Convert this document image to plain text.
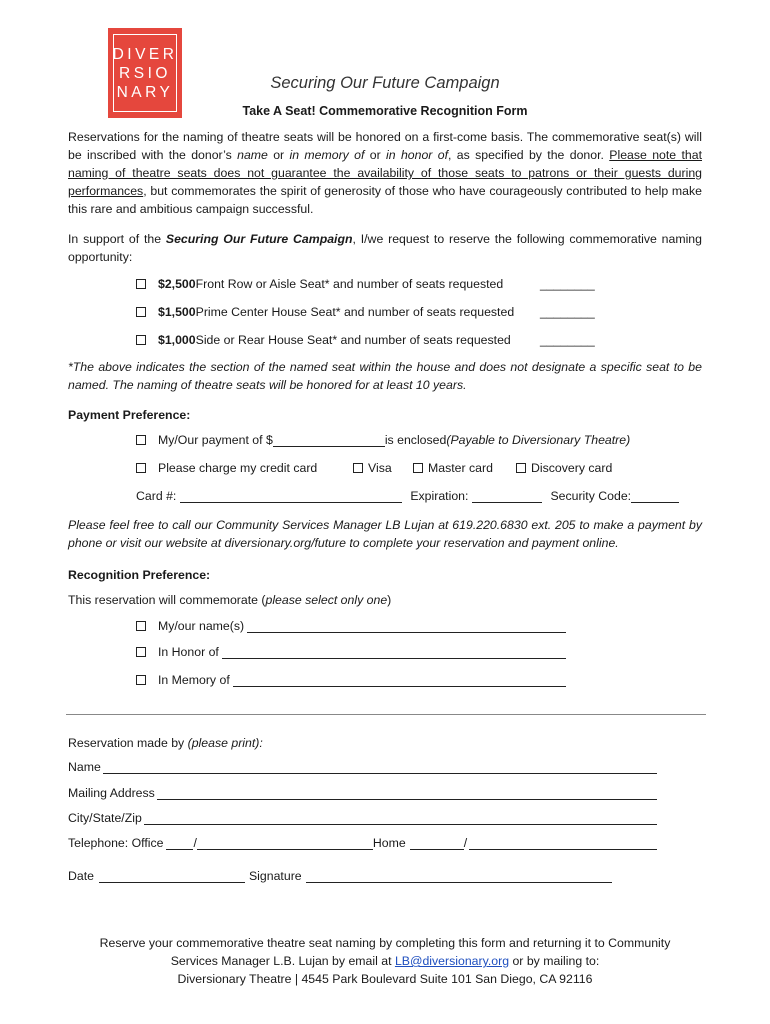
DIVER
RSIO
NARY	Securing Our Future Campaign
Take A Seat! Commemorative Recognition Form
Reservations for the naming of theatre seats will be honored on a first-come basis. The commemorative seat(s) will be inscribed with the donor’s name or in memory of or in honor of, as specified by the donor. Please note that naming of theatre seats does not guarantee the availability of those seats to patrons or their guests during performances, but commemorates the spirit of generosity of those who have courageously contributed to help make this rare and ambitious campaign successful.
In support of the Securing Our Future Campaign, I/we request to reserve the following commemorative naming opportunity:
$2,500 Front Row or Aisle Seat* and number of seats requested	________
$1,500 Prime Center House Seat* and number of seats requested ________
$1,000 Side or Rear House Seat* and number of seats requested ________
*The above indicates the section of the named seat within the house and does not designate a specific seat to be named. The naming of theatre seats will be honored for at least 10 years.
Payment Preference:
My/Our payment of $	is enclosed (Payable to Diversionary Theatre)
Please charge my credit card	Visa	Master card	Discovery card
Card #:	Expiration:	Security Code:
Please feel free to call our Community Services Manager LB Lujan at 619.220.6830 ext. 205 to make a payment by phone or visit our website at diversionary.org/future to complete your reservation and payment online.
Recognition Preference:
This reservation will commemorate (please select only one)
My/our name(s)
In Honor of
In Memory of
Reservation made by (please print):
Name
Mailing Address
City/State/Zip
Telephone: Office /	Home	/
Date	Signature
Reserve your commemorative theatre seat naming by completing this form and returning it to Community
Services Manager L.B. Lujan by email at LB@diversionary.org or by mailing to:
Diversionary Theatre | 4545 Park Boulevard Suite 101 San Diego, CA 92116
